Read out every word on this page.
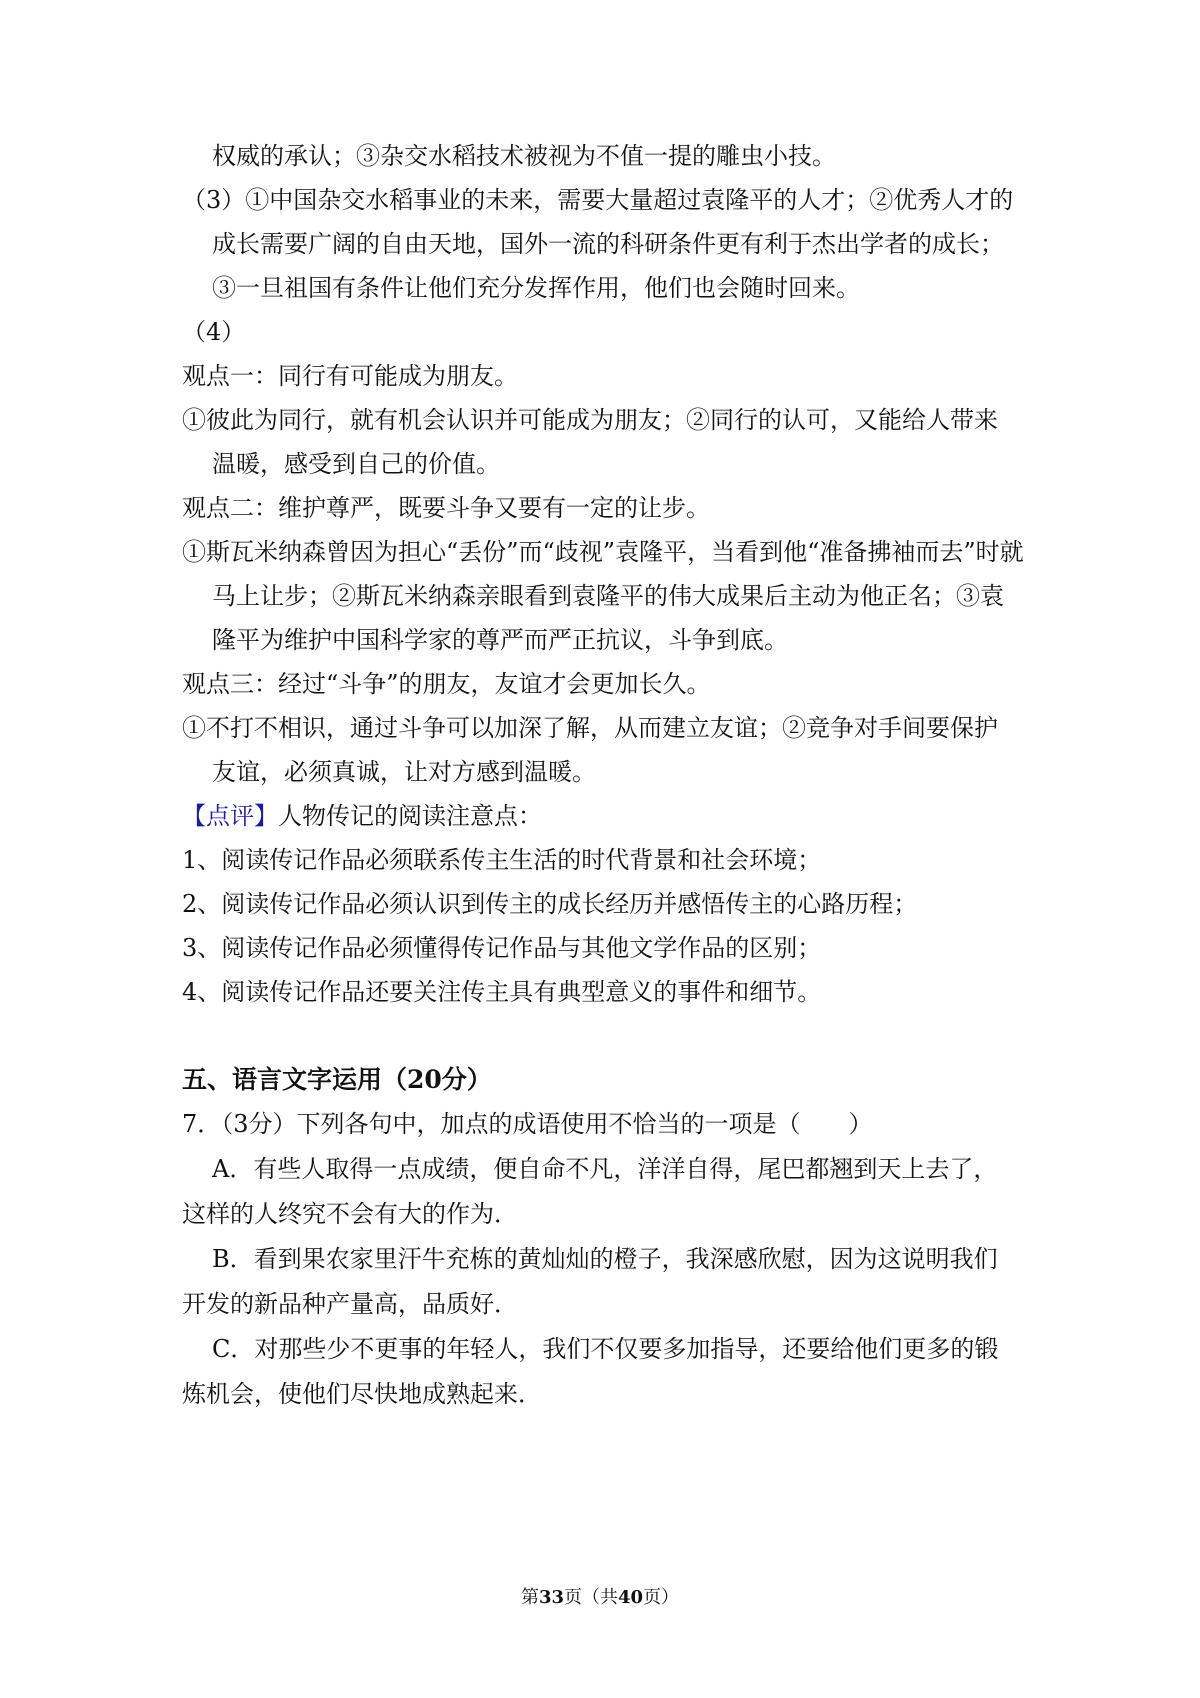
权威的承认；③杂交水稻技术被视为不值一提的雕虫小技。
（3）①中国杂交水稻事业的未来，需要大量超过袁隆平的人才；②优秀人才的
成长需要广阔的自由天地，国外一流的科研条件更有利于杰出学者的成长；
③一旦祖国有条件让他们充分发挥作用，他们也会随时回来。
（4）
观点一：同行有可能成为朋友。
①彼此为同行，就有机会认识并可能成为朋友；②同行的认可，又能给人带来
温暖，感受到自己的价值。
观点二：维护尊严，既要斗争又要有一定的让步。
①斯瓦米纳森曾因为担心“丢份”而“歧视”袁隆平，当看到他“准备拂袖而去”时就
马上让步；②斯瓦米纳森亲眼看到袁隆平的伟大成果后主动为他正名；③袁
隆平为维护中国科学家的尊严而严正抗议，斗争到底。
观点三：经过“斗争”的朋友，友谊才会更加长久。
①不打不相识，通过斗争可以加深了解，从而建立友谊；②竞争对手间要保护
友谊，必须真诚，让对方感到温暖。
【点评】人物传记的阅读注意点：
1、阅读传记作品必须联系传主生活的时代背景和社会环境；
2、阅读传记作品必须认识到传主的成长经历并感悟传主的心路历程；
3、阅读传记作品必须懂得传记作品与其他文学作品的区别；
4、阅读传记作品还要关注传主具有典型意义的事件和细节。
五、语言文字运用（20分）
7．（3分）下列各句中，加点的成语使用不恰当的一项是（　　）
A．有些人取得一点成绩，便自命不凡，洋洋自得，尾巴都翘到天上去了，
这样的人终究不会有大的作为．
B．看到果农家里汗牛充栋的黄灿灿的橙子，我深感欣慰，因为这说明我们
开发的新品种产量高，品质好．
C．对那些少不更事的年轻人，我们不仅要多加指导，还要给他们更多的锻
炼机会，使他们尽快地成熟起来．
第33页（共40页）
